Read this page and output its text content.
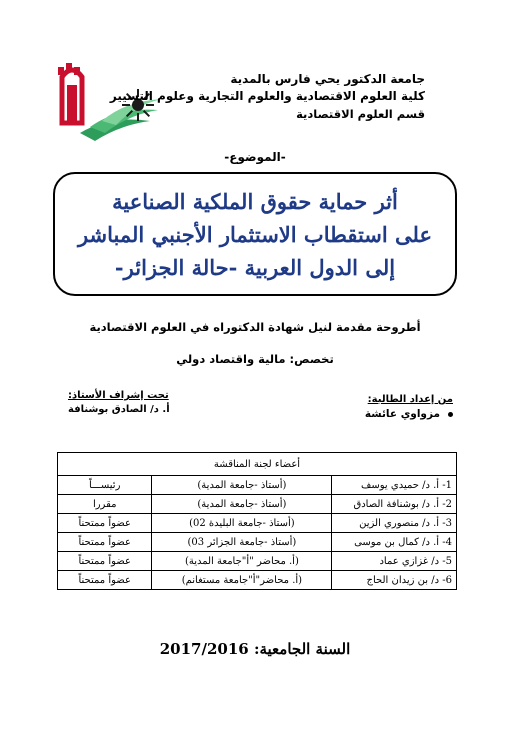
جامعة الدكتور يحي فارس بالمدية
كلية العلوم الاقتصادية والعلوم التجارية وعلوم التسيير
قسم العلوم الاقتصادية
-الموضوع-
أثر حماية حقوق الملكية الصناعية
على استقطاب الاستثمار الأجنبي المباشر
إلى الدول العربية -حالة الجزائر-
أطروحة مقدمة لنيل شهادة الدكتوراه في العلوم الاقتصادية
تخصص: مالية واقتصاد دولي
من إعداد الطالبة:
مزواوي عائشة
تحت إشراف الأستاذ:
أ. د/ الصادق بوشنافة
أعضاء لجنة المناقشة		
1- أ. د/ حميدي يوسف	(أستاذ -جامعة المدية)	رئيســـاً
2- أ. د/ بوشنافة الصادق	(أستاذ -جامعة المدية)	مقررا
3- أ. د/ منصوري الزين	(أستاذ -جامعة البليدة 02)	عضواً ممتحناً
4- أ. د/ كمال بن موسى	(أستاذ -جامعة الجزائر 03)	عضواً ممتحناً
5- د/ غزازي عماد	(أ. محاضر "أ"جامعة المدية)	عضواً ممتحناً
6- د/ بن زيدان الحاج	(أ. محاضر"أ"جامعة مستغانم)	عضواً ممتحناً
السنة الجامعية: 2017/2016
